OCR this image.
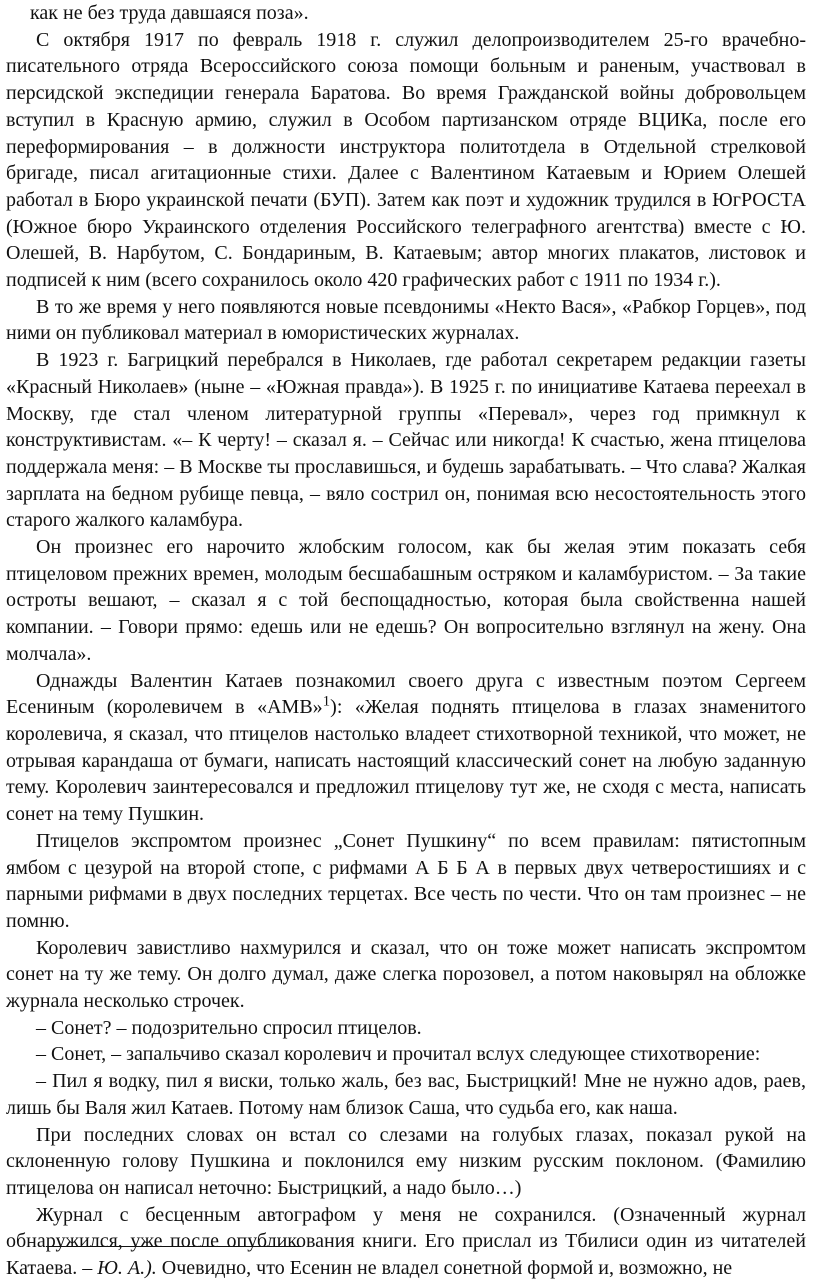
как не без труда давшаяся поза».

С октября 1917 по февраль 1918 г. служил делопроизводителем 25-го врачебно-писательного отряда Всероссийского союза помощи больным и раненым, участвовал в персидской экспедиции генерала Баратова. Во время Гражданской войны добровольцем вступил в Красную армию, служил в Особом партизанском отряде ВЦИКа, после его переформирования – в должности инструктора политотдела в Отдельной стрелковой бригаде, писал агитационные стихи. Далее с Валентином Катаевым и Юрием Олешей работал в Бюро украинской печати (БУП). Затем как поэт и художник трудился в ЮгРОСТА (Южное бюро Украинского отделения Российского телеграфного агентства) вместе с Ю. Олешей, В. Нарбутом, С. Бондариным, В. Катаевым; автор многих плакатов, листовок и подписей к ним (всего сохранилось около 420 графических работ с 1911 по 1934 г.).

В то же время у него появляются новые псевдонимы «Некто Вася», «Рабкор Горцев», под ними он публиковал материал в юмористических журналах.

В 1923 г. Багрицкий перебрался в Николаев, где работал секретарем редакции газеты «Красный Николаев» (ныне – «Южная правда»). В 1925 г. по инициативе Катаева переехал в Москву, где стал членом литературной группы «Перевал», через год примкнул к конструктивистам. «– К черту! – сказал я. – Сейчас или никогда! К счастью, жена птицелова поддержала меня: – В Москве ты прославишься, и будешь зарабатывать. – Что слава? Жалкая зарплата на бедном рубище певца, – вяло сострил он, понимая всю несостоятельность этого старого жалкого каламбура.

Он произнес его нарочито жлобским голосом, как бы желая этим показать себя птицеловом прежних времен, молодым бесшабашным остряком и каламбуристом. – За такие остроты вешают, – сказал я с той беспощадностью, которая была свойственна нашей компании. – Говори прямо: едешь или не едешь? Он вопросительно взглянул на жену. Она молчала».

Однажды Валентин Катаев познакомил своего друга с известным поэтом Сергеем Есениным (королевичем в «АМВ»$^1$): «Желая поднять птицелова в глазах знаменитого королевича, я сказал, что птицелов настолько владеет стихотворной техникой, что может, не отрывая карандаша от бумаги, написать настоящий классический сонет на любую заданную тему. Королевич заинтересовался и предложил птицелову тут же, не сходя с места, написать сонет на тему Пушкин.

Птицелов экспромтом произнес „Сонет Пушкину“ по всем правилам: пятистопным ямбом с цезурой на второй стопе, с рифмами А Б Б А в первых двух четверостишиях и с парными рифмами в двух последних терцетах. Все честь по чести. Что он там произнес – не помню.

Королевич завистливо нахмурился и сказал, что он тоже может написать экспромтом сонет на ту же тему. Он долго думал, даже слегка порозовел, а потом наковырял на обложке журнала несколько строчек.

– Сонет? – подозрительно спросил птицелов.

– Сонет, – запальчиво сказал королевич и прочитал вслух следующее стихотворение:

– Пил я водку, пил я виски, только жаль, без вас, Быстрицкий! Мне не нужно адов, раев, лишь бы Валя жил Катаев. Потому нам близок Саша, что судьба его, как наша.

При последних словах он встал со слезами на голубых глазах, показал рукой на склоненную голову Пушкина и поклонился ему низким русским поклоном. (Фамилию птицелова он написал неточно: Быстрицкий, а надо было…)

Журнал с бесценным автографом у меня не сохранился. (Означенный журнал обнаружился, уже после опубликования книги. Его прислал из Тбилиси один из читателей Катаева. – Ю. А.). Очевидно, что Есенин не владел сонетной формой и, возможно, не
